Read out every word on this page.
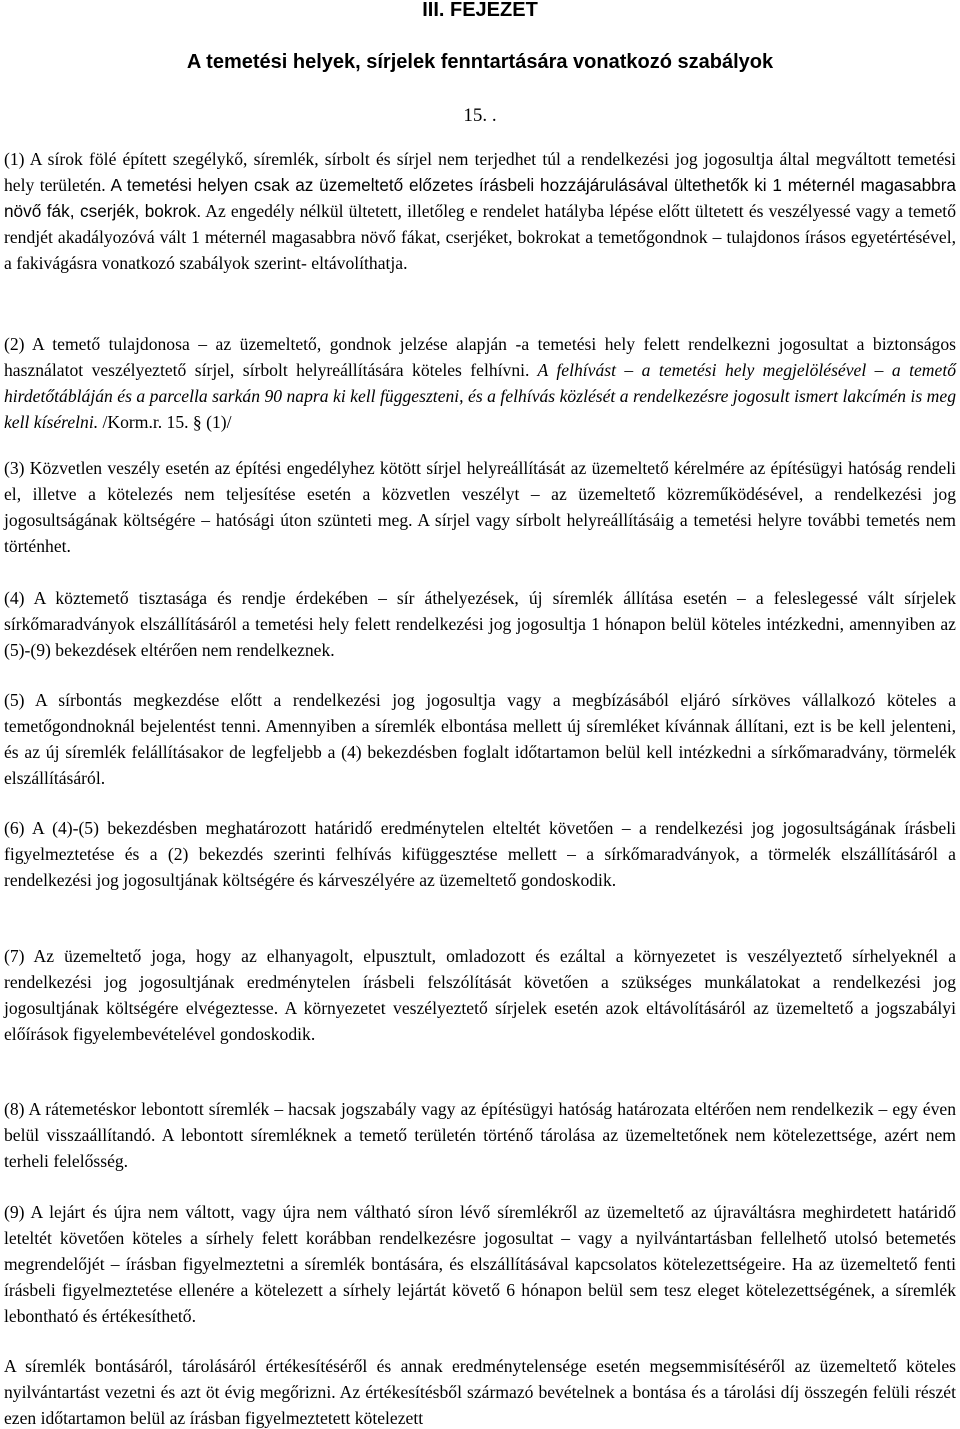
III. FEJEZET
A temetési helyek, sírjelek fenntartására vonatkozó szabályok
15. .

(1) A sírok fölé épített szegélykő, síremlék, sírbolt és sírjel nem terjedhet túl a rendelkezési jog jogosultja által megváltott temetési hely területén. A temetési helyen csak az üzemeltető előzetes írásbeli hozzájárulásával ültethetők ki 1 méternél magasabbra növő fák, cserjék, bokrok. Az engedély nélkül ültetett, illetőleg e rendelet hatályba lépése előtt ültetett és veszélyessé vagy a temető rendjét akadályozóvá vált 1 méternél magasabbra növő fákat, cserjéket, bokrokat a temetőgondnok – tulajdonos írásos egyetértésével, a fakivágásra vonatkozó szabályok szerint- eltávolíthatja.

(2) A temető tulajdonosa – az üzemeltető, gondnok jelzése alapján -a temetési hely felett rendelkezni jogosultat a biztonságos használatot veszélyeztető sírjel, sírbolt helyreállítására köteles felhívni. A felhívást – a temetési hely megjelölésével – a temető hirdetőtábláján és a parcella sarkán 90 napra ki kell függeszteni, és a felhívás közlését a rendelkezésre jogosult ismert lakcímén is meg kell kísérelni. /Korm.r. 15. § (1)/

(3) Közvetlen veszély esetén az építési engedélyhez kötött sírjel helyreállítását az üzemeltető kérelmére az építésügyi hatóság rendeli el, illetve a kötelezés nem teljesítése esetén a közvetlen veszélyt – az üzemeltető közreműködésével, a rendelkezési jog jogosultságának költségére – hatósági úton szünteti meg. A sírjel vagy sírbolt helyreállításáig a temetési helyre további temetés nem történhet.

(4) A köztemető tisztasága és rendje érdekében – sír áthelyezések, új síremlék állítása esetén – a feleslegessé vált sírjelek sírkőmaradványok elszállításáról a temetési hely felett rendelkezési jog jogosultja 1 hónapon belül köteles intézkedni, amennyiben az (5)-(9) bekezdések eltérően nem rendelkeznek.

(5) A sírbontás megkezdése előtt a rendelkezési jog jogosultja vagy a megbízásából eljáró sírköves vállalkozó köteles a temetőgondnoknál bejelentést tenni. Amennyiben a síremlék elbontása mellett új síremléket kívánnak állítani, ezt is be kell jelenteni, és az új síremlék felállításakor de legfeljebb a (4) bekezdésben foglalt időtartamon belül kell intézkedni a sírkőmaradvány, törmelék elszállításáról.

(6) A (4)-(5) bekezdésben meghatározott határidő eredménytelen elteltét követően – a rendelkezési jog jogosultságának írásbeli figyelmeztetése és a (2) bekezdés szerinti felhívás kifüggesztése mellett – a sírkőmaradványok, a törmelék elszállításáról a rendelkezési jog jogosultjának költségére és kárveszélyére az üzemeltető gondoskodik.

(7) Az üzemeltető joga, hogy az elhanyagolt, elpusztult, omladozott és ezáltal a környezetet is veszélyeztető sírhelyeknél a rendelkezési jog jogosultjának eredménytelen írásbeli felszólítását követően a szükséges munkálatokat a rendelkezési jog jogosultjának költségére elvégeztesse. A környezetet veszélyeztető sírjelek esetén azok eltávolításáról az üzemeltető a jogszabályi előírások figyelembevételével gondoskodik.

(8) A rátemetéskor lebontott síremlék – hacsak jogszabály vagy az építésügyi hatóság határozata eltérően nem rendelkezik – egy éven belül visszaállítandó. A lebontott síremléknek a temető területén történő tárolása az üzemeltetőnek nem kötelezettsége, azért nem terheli felelősség.

(9) A lejárt és újra nem váltott, vagy újra nem váltható síron lévő síremlékről az üzemeltető az újraváltásra meghirdetett határidő leteltét követően köteles a sírhely felett korábban rendelkezésre jogosultat – vagy a nyilvántartásban fellelhető utolsó betemetés megrendelőjét – írásban figyelmeztetni a síremlék bontására, és elszállításával kapcsolatos kötelezettségeire. Ha az üzemeltető fenti írásbeli figyelmeztetése ellenére a kötelezett a sírhely lejártát követő 6 hónapon belül sem tesz eleget kötelezettségének, a síremlék lebontható és értékesíthető.

A síremlék bontásáról, tárolásáról értékesítéséről és annak eredménytelensége esetén megsemmisítéséről az üzemeltető köteles nyilvántartást vezetni és azt öt évig megőrizni. Az értékesítésből származó bevételnek a bontása és a tárolási díj összegén felüli részét ezen időtartamon belül az írásban figyelmeztetett kötelezett
